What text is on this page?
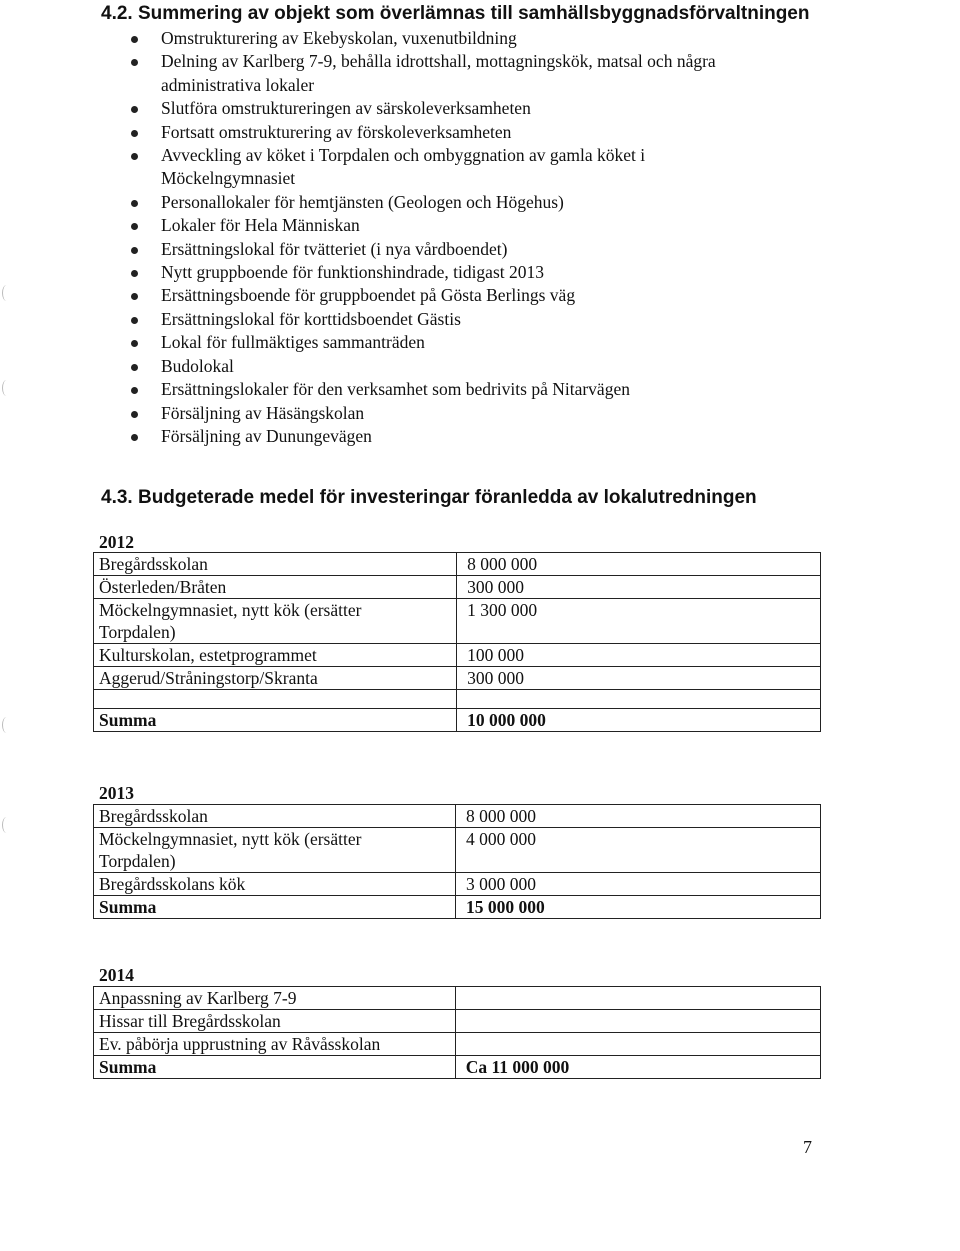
4.2. Summering av objekt som överlämnas till samhällsbyggnadsförvaltningen
Omstrukturering av Ekebyskolan, vuxenutbildning
Delning av Karlberg 7-9, behålla idrottshall, mottagningskök, matsal och några
administrativa lokaler
Slutföra omstruktureringen av särskoleverksamheten
Fortsatt omstrukturering av förskoleverksamheten
Avveckling av köket i Torpdalen och ombyggnation av gamla köket i
Möckelngymnasiet
Personallokaler för hemtjänsten (Geologen och Högehus)
Lokaler för Hela Människan
Ersättningslokal för tvätteriet (i nya vårdboendet)
Nytt gruppboende för funktionshindrade, tidigast 2013
Ersättningsboende för gruppboendet på Gösta Berlings väg
Ersättningslokal för korttidsboendet Gästis
Lokal för fullmäktiges sammanträden
Budolokal
Ersättningslokaler för den verksamhet som bedrivits på Nitarvägen
Försäljning av Häsängskolan
Försäljning av Dunungevägen
4.3. Budgeterade medel för investeringar föranledda av lokalutredningen
2012
Bregårdsskolan	8 000 000
Österleden/Bråten	300 000
Möckelngymnasiet, nytt kök (ersätter
Torpdalen)	1 300 000
Kulturskolan, estetprogrammet	100 000
Aggerud/Stråningstorp/Skranta	300 000

Summa	10 000 000
2013
Bregårdsskolan	8 000 000
Möckelngymnasiet, nytt kök (ersätter
Torpdalen)	4 000 000
Bregårdsskolans kök	3 000 000
Summa	15 000 000
2014
Anpassning av Karlberg 7-9	
Hissar till Bregårdsskolan	
Ev. påbörja upprustning av Råvåsskolan	
Summa	Ca 11 000 000
7
